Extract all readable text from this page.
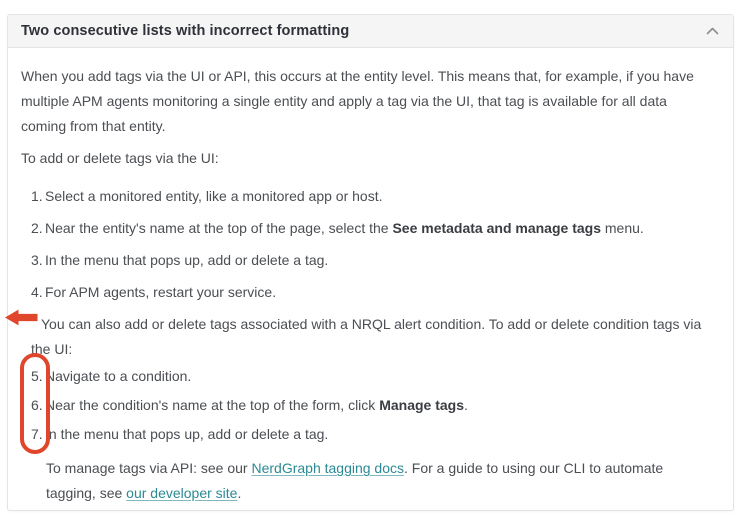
Two consecutive lists with incorrect formatting

When you add tags via the UI or API, this occurs at the entity level. This means that, for example, if you have multiple APM agents monitoring a single entity and apply a tag via the UI, that tag is available for all data coming from that entity.

To add or delete tags via the UI:

1. Select a monitored entity, like a monitored app or host.
2. Near the entity's name at the top of the page, select the See metadata and manage tags menu.
3. In the menu that pops up, add or delete a tag.
4. For APM agents, restart your service.

You can also add or delete tags associated with a NRQL alert condition. To add or delete condition tags via the UI:

5. Navigate to a condition.
6. Near the condition's name at the top of the form, click Manage tags.
7. In the menu that pops up, add or delete a tag.

To manage tags via API: see our NerdGraph tagging docs. For a guide to using our CLI to automate tagging, see our developer site.
